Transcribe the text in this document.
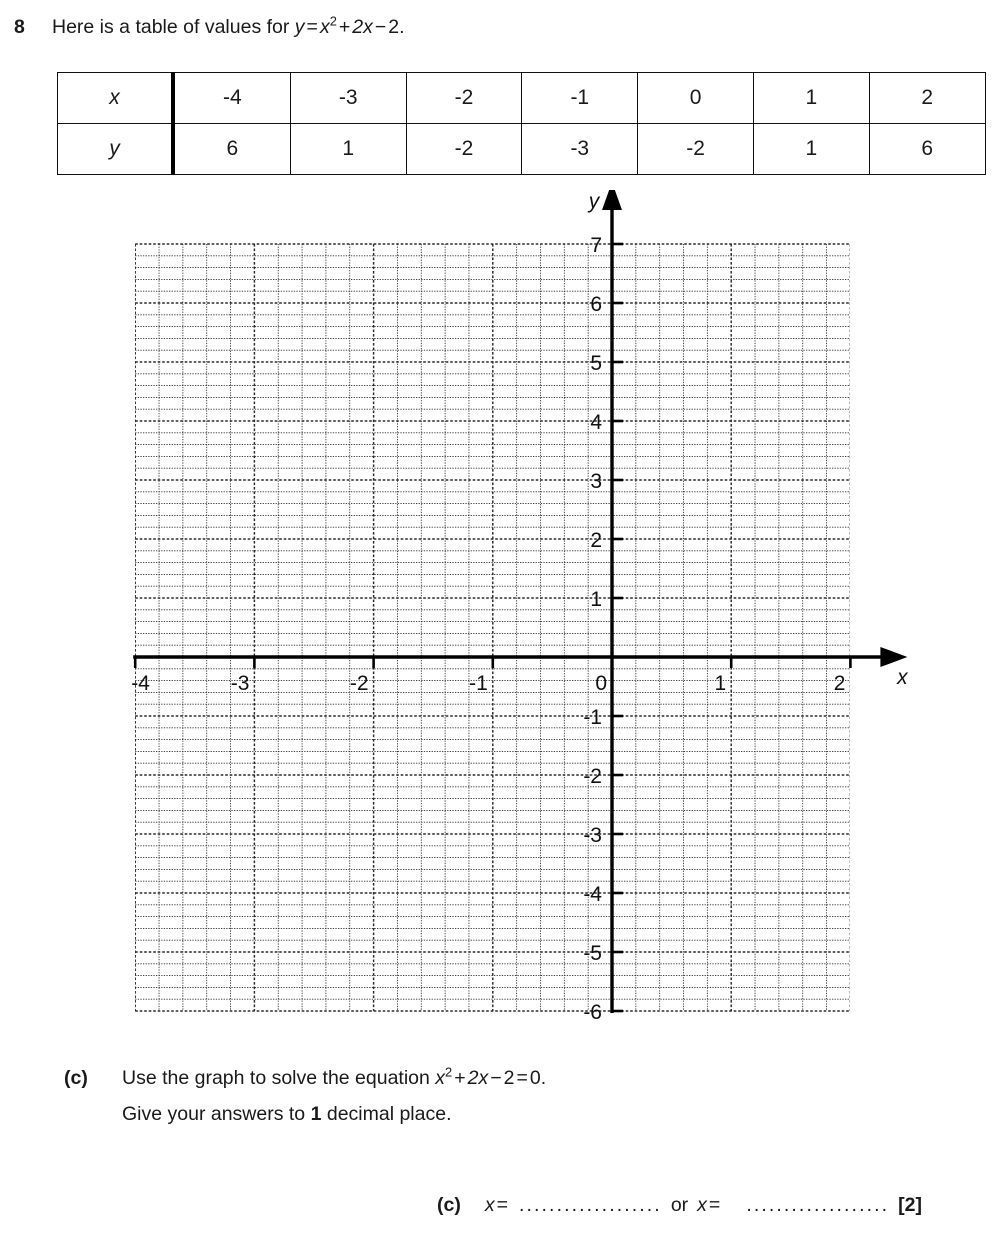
8 Here is a table of values for $y = x^2 + 2x - 2$.
x	-4	-3	-2	-1	0	1	2
y	6	1	-2	-3	-2	1	6
-4	-3	-2	-1	0	1	2
7
6
5
4
3
2
1
-1
-2
-3
-4
-5
-6
x
y
(c) Use the graph to solve the equation $x^2 + 2x - 2 = 0$.
Give your answers to 1 decimal place.
(c) x = ................... or x = ................... [2]
